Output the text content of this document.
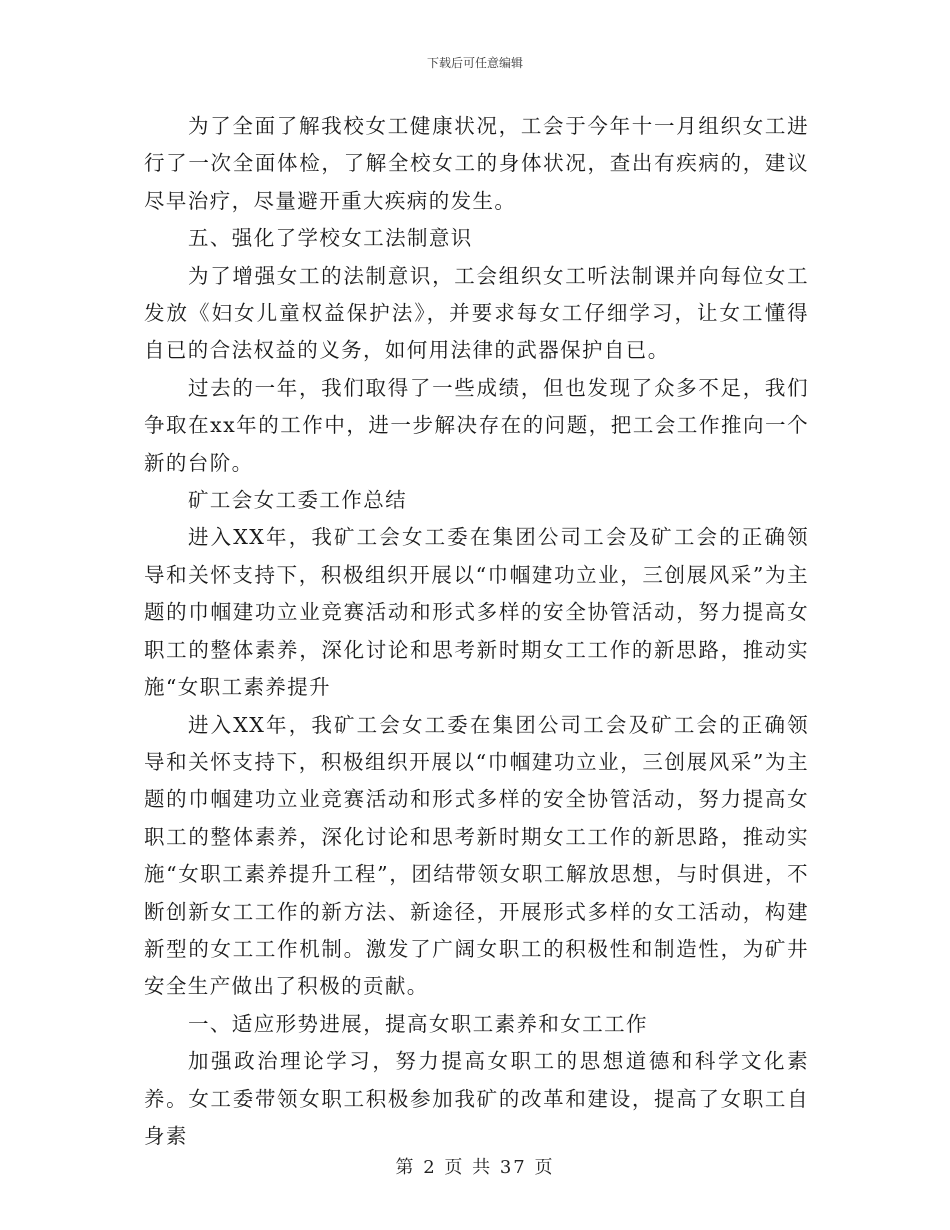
下载后可任意编辑

为了全面了解我校女工健康状况，工会于今年十一月组织女工进行了一次全面体检，了解全校女工的身体状况，查出有疾病的，建议尽早治疗，尽量避开重大疾病的发生。

五、强化了学校女工法制意识

为了增强女工的法制意识，工会组织女工听法制课并向每位女工发放《妇女儿童权益保护法》，并要求每女工仔细学习，让女工懂得自已的合法权益的义务，如何用法律的武器保护自已。

过去的一年，我们取得了一些成绩，但也发现了众多不足，我们争取在xx年的工作中，进一步解决存在的问题，把工会工作推向一个新的台阶。

矿工会女工委工作总结

进入XX年，我矿工会女工委在集团公司工会及矿工会的正确领导和关怀支持下，积极组织开展以“巾帼建功立业，三创展风采”为主题的巾帼建功立业竞赛活动和形式多样的安全协管活动，努力提高女职工的整体素养，深化讨论和思考新时期女工工作的新思路，推动实施“女职工素养提升

进入XX年，我矿工会女工委在集团公司工会及矿工会的正确领导和关怀支持下，积极组织开展以“巾帼建功立业，三创展风采”为主题的巾帼建功立业竞赛活动和形式多样的安全协管活动，努力提高女职工的整体素养，深化讨论和思考新时期女工工作的新思路，推动实施“女职工素养提升工程”，团结带领女职工解放思想，与时俱进，不断创新女工工作的新方法、新途径，开展形式多样的女工活动，构建新型的女工工作机制。激发了广阔女职工的积极性和制造性，为矿井安全生产做出了积极的贡献。

一、适应形势进展，提高女职工素养和女工工作

加强政治理论学习，努力提高女职工的思想道德和科学文化素养。女工委带领女职工积极参加我矿的改革和建设，提高了女职工自身素

第 2 页 共 37 页
